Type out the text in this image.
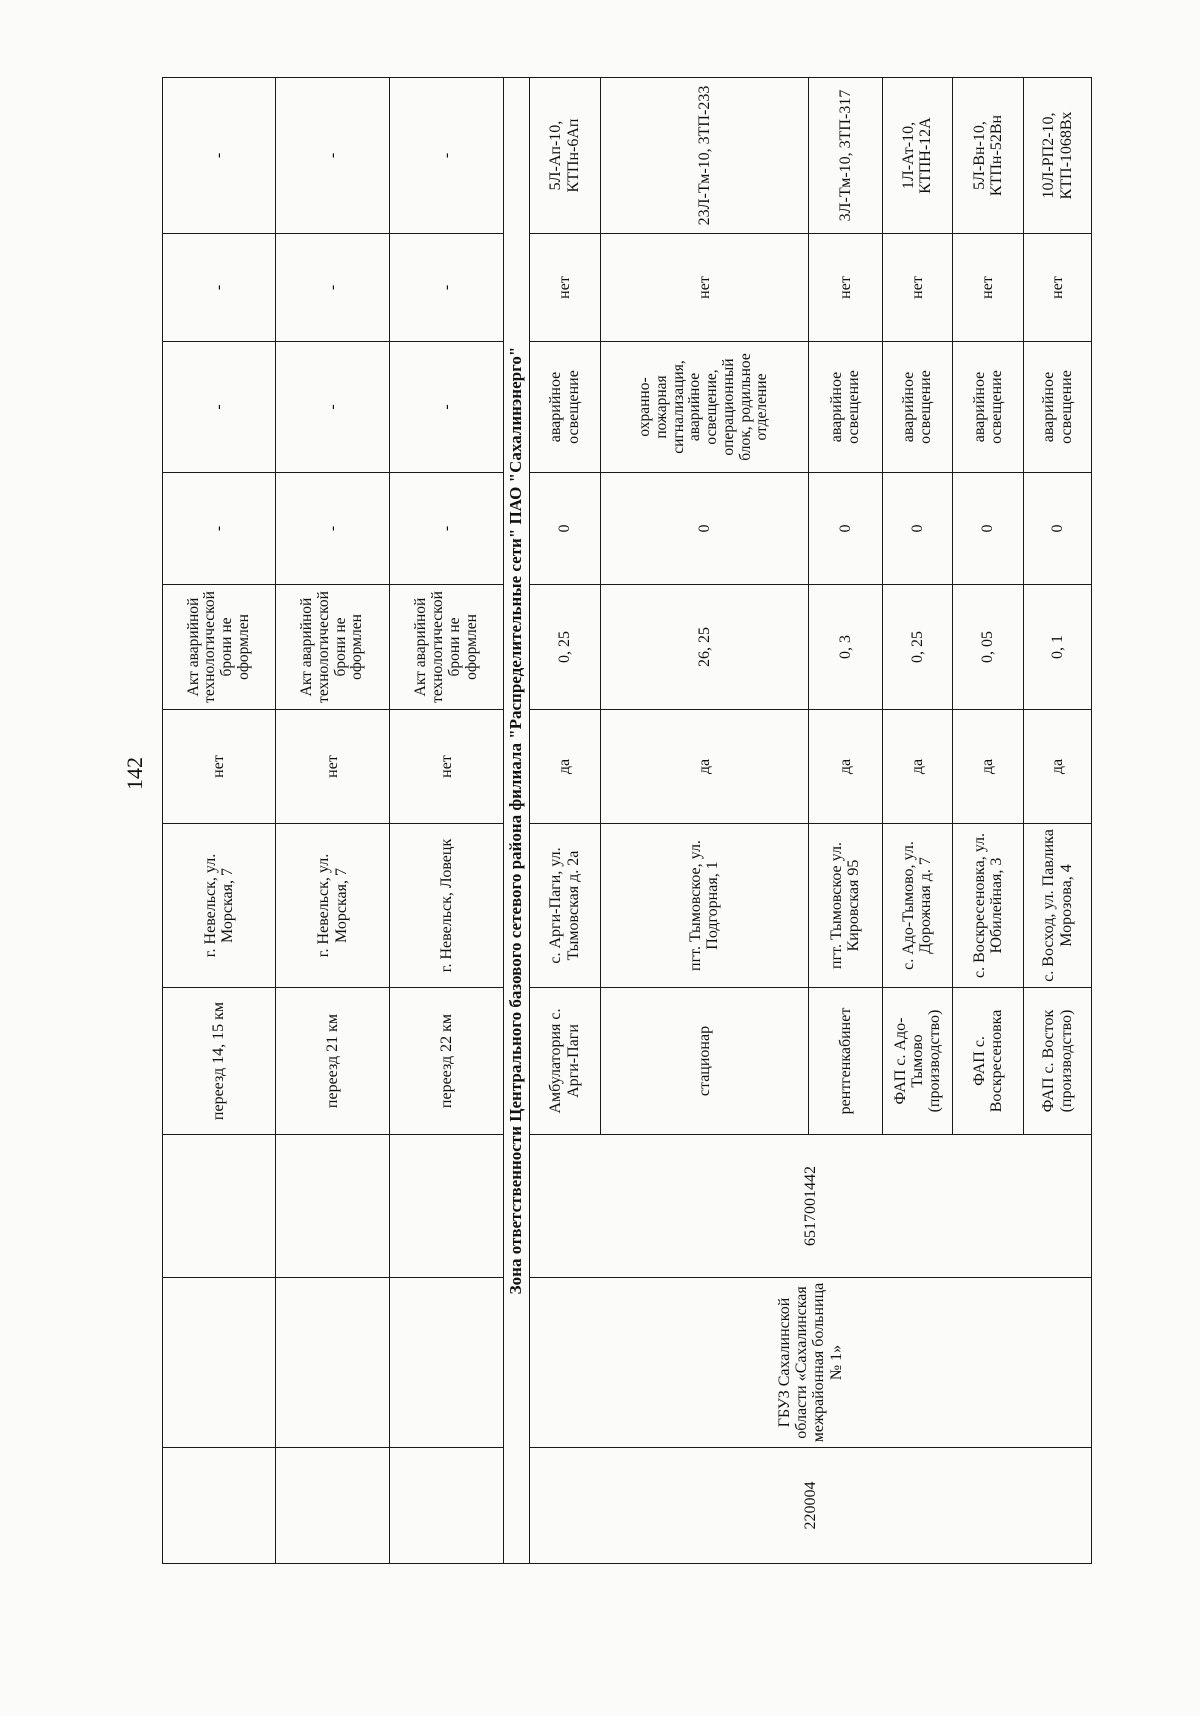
142
			переезд 14, 15 км	г. Невельск, ул. Морская, 7	нет	Акт аварийной технологической брони не оформлен	-	-	-	-
			переезд 21 км	г. Невельск, ул. Морская, 7	нет	Акт аварийной технологической брони не оформлен	-	-	-	-
			переезд 22 км	г. Невельск, Ловецк	нет	Акт аварийной технологической брони не оформлен	-	-	-	-
Зона ответственности Центрального базового сетевого района филиала "Распределительные сети" ПАО "Сахалинэнерго"										
220004	ГБУЗ Сахалинской области «Сахалинская межрайонная больница № 1»	6517001442	Амбулатория с. Арги-Паги	с. Арги-Паги, ул. Тымовская д. 2а	да	0, 25	0	аварийное освещение	нет	5Л-Ап-10, КТПн-6Ап
			стационар	пгт. Тымовское, ул. Подгорная, 1	да	26, 25	0	охранно-пожарная сигнализация, аварийное освещение, операционный блок, родильное отделение	нет	23Л-Тм-10, 3ТП-233
			рентгенкабинет	пгт. Тымовское ул. Кировская 95	да	0, 3	0	аварийное освещение	нет	3Л-Тм-10, 3ТП-317
			ФАП с. Адо-Тымово (производство)	с. Адо-Тымово, ул. Дорожная д. 7	да	0, 25	0	аварийное освещение	нет	1Л-Ат-10, КТПН-12А
			ФАП с. Воскресеновка	с. Воскресеновка, ул. Юбилейная, 3	да	0, 05	0	аварийное освещение	нет	5Л-Вн-10, КТПн-52Вн
			ФАП с. Восток (производство)	с. Восход, ул. Павлика Морозова, 4	да	0, 1	0	аварийное освещение	нет	10Л-РП2-10, КТП-1068Вх
